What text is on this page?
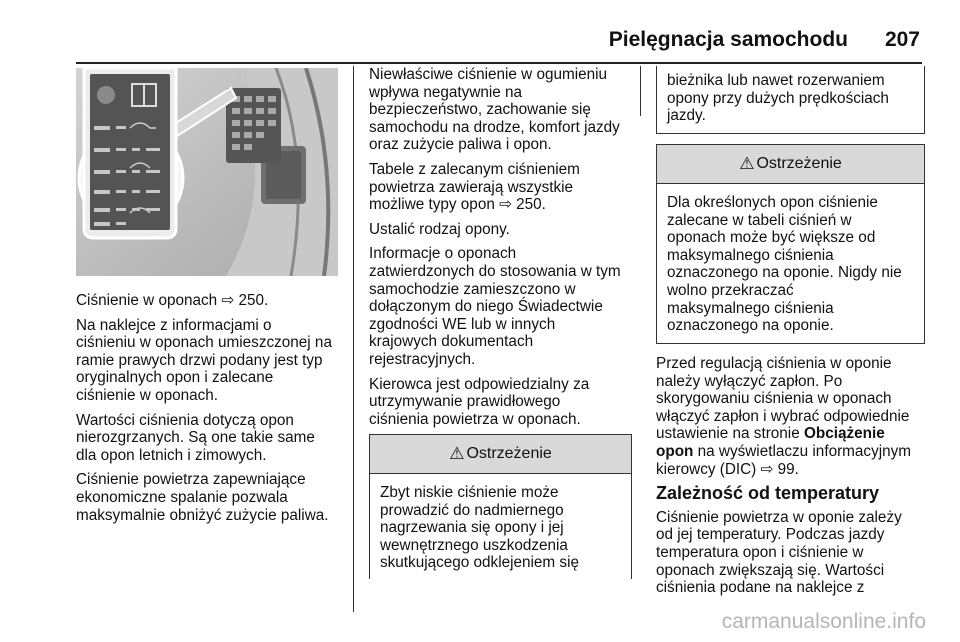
Pielęgnacja samochodu 207

Ciśnienie w oponach ⇨ 250.

Na naklejce z informacjami o
ciśnieniu w oponach umieszczonej na
ramie prawych drzwi podany jest typ
oryginalnych opon i zalecane
ciśnienie w oponach.

Wartości ciśnienia dotyczą opon
nierozgrzanych. Są one takie same
dla opon letnich i zimowych.

Ciśnienie powietrza zapewniające
ekonomiczne spalanie pozwala
maksymalnie obniżyć zużycie paliwa.

Niewłaściwe ciśnienie w ogumieniu
wpływa negatywnie na
bezpieczeństwo, zachowanie się
samochodu na drodze, komfort jazdy
oraz zużycie paliwa i opon.

Tabele z zalecanym ciśnieniem
powietrza zawierają wszystkie
możliwe typy opon ⇨ 250.

Ustalić rodzaj opony.

Informacje o oponach
zatwierdzonych do stosowania w tym
samochodzie zamieszczono w
dołączonym do niego Świadectwie
zgodności WE lub w innych
krajowych dokumentach
rejestracyjnych.

Kierowca jest odpowiedzialny za
utrzymywanie prawidłowego
ciśnienia powietrza w oponach.

⚠ Ostrzeżenie
Zbyt niskie ciśnienie może
prowadzić do nadmiernego
nagrzewania się opony i jej
wewnętrznego uszkodzenia
skutkującego odklejeniem się
bieżnika lub nawet rozerwaniem
opony przy dużych prędkościach
jazdy.
⚠ Ostrzeżenie
Dla określonych opon ciśnienie
zalecane w tabeli ciśnień w
oponach może być większe od
maksymalnego ciśnienia
oznaczonego na oponie. Nigdy nie
wolno przekraczać
maksymalnego ciśnienia
oznaczonego na oponie.

Przed regulacją ciśnienia w oponie
należy wyłączyć zapłon. Po
skorygowaniu ciśnienia w oponach
włączyć zapłon i wybrać odpowiednie
ustawienie na stronie Obciążenie
opon na wyświetlaczu informacyjnym
kierowcy (DIC) ⇨ 99.

Zależność od temperatury

Ciśnienie powietrza w oponie zależy
od jej temperatury. Podczas jazdy
temperatura opon i ciśnienie w
oponach zwiększają się. Wartości
ciśnienia podane na naklejce z

carmanualsonline.info
